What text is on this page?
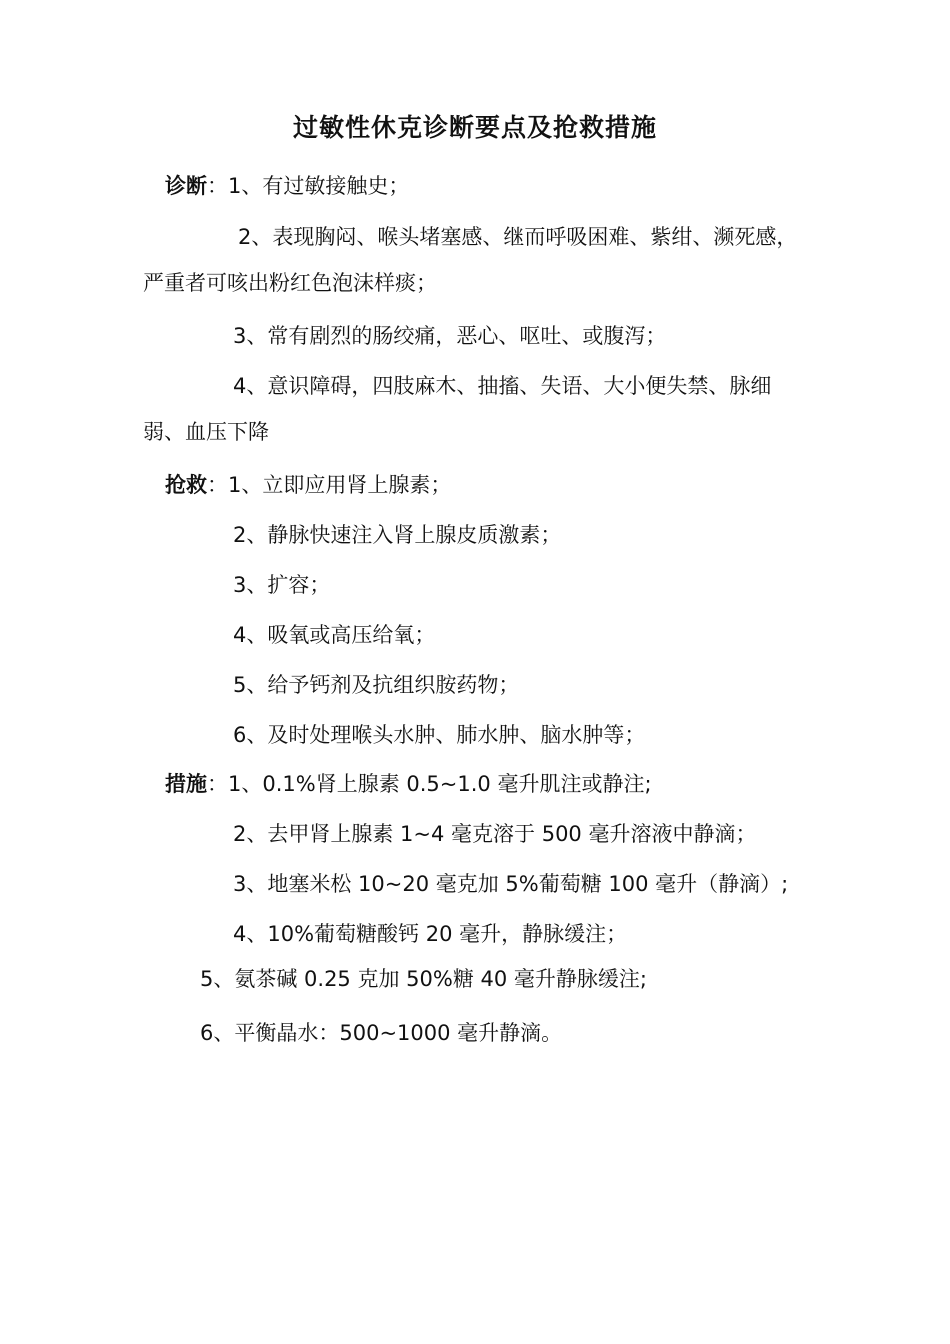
过敏性休克诊断要点及抢救措施
诊断：1、有过敏接触史；
2、表现胸闷、喉头堵塞感、继而呼吸困难、紫绀、濒死感，
严重者可咳出粉红色泡沫样痰；
3、常有剧烈的肠绞痛，恶心、呕吐、或腹泻；
4、意识障碍，四肢麻木、抽搐、失语、大小便失禁、脉细
弱、血压下降
抢救：1、立即应用肾上腺素；
2、静脉快速注入肾上腺皮质激素；
3、扩容；
4、吸氧或高压给氧；
5、给予钙剂及抗组织胺药物；
6、及时处理喉头水肿、肺水肿、脑水肿等；
措施：1、0.1%肾上腺素 0.5~1.0 毫升肌注或静注;
2、去甲肾上腺素 1~4 毫克溶于 500 毫升溶液中静滴；
3、地塞米松 10~20 毫克加 5%葡萄糖 100 毫升（静滴）;
4、10%葡萄糖酸钙 20 毫升，静脉缓注；
5、氨茶碱 0.25 克加 50%糖 40 毫升静脉缓注;
6、平衡晶水：500~1000 毫升静滴。
